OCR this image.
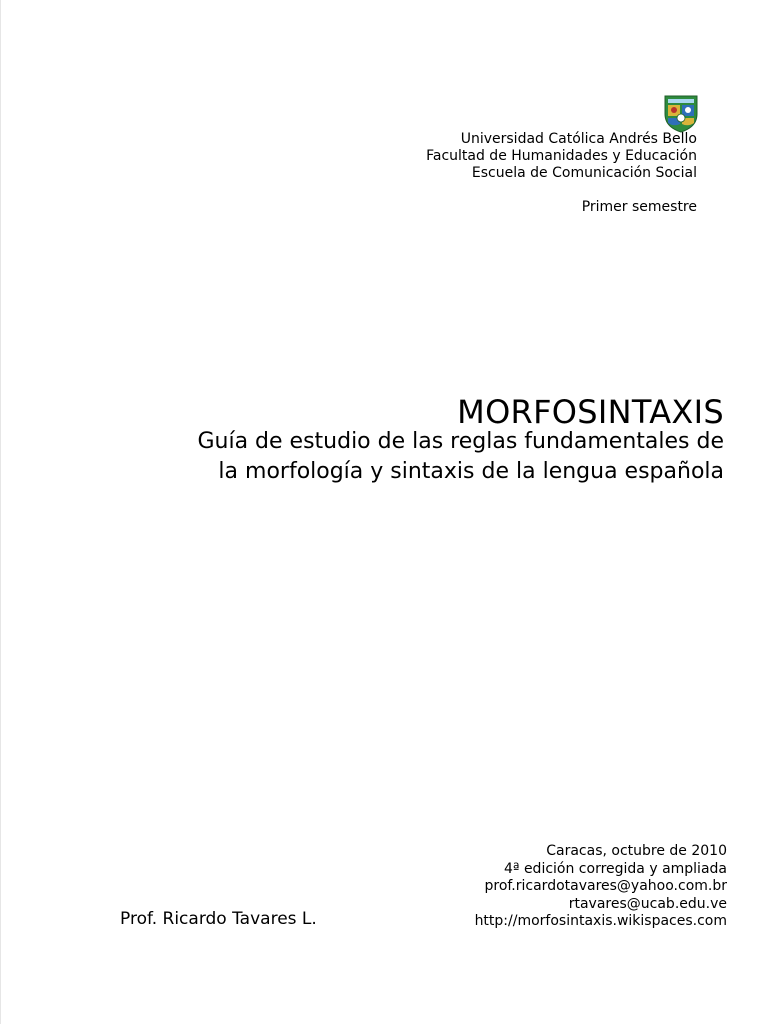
Universidad Católica Andrés Bello
Facultad de Humanidades y Educación
Escuela de Comunicación Social
Primer semestre
MORFOSINTAXIS
Guía de estudio de las reglas fundamentales de
la morfología y sintaxis de la lengua española
Caracas, octubre de 2010
4ª edición corregida y ampliada
prof.ricardotavares@yahoo.com.br
rtavares@ucab.edu.ve
http://morfosintaxis.wikispaces.com
Prof. Ricardo Tavares L.
